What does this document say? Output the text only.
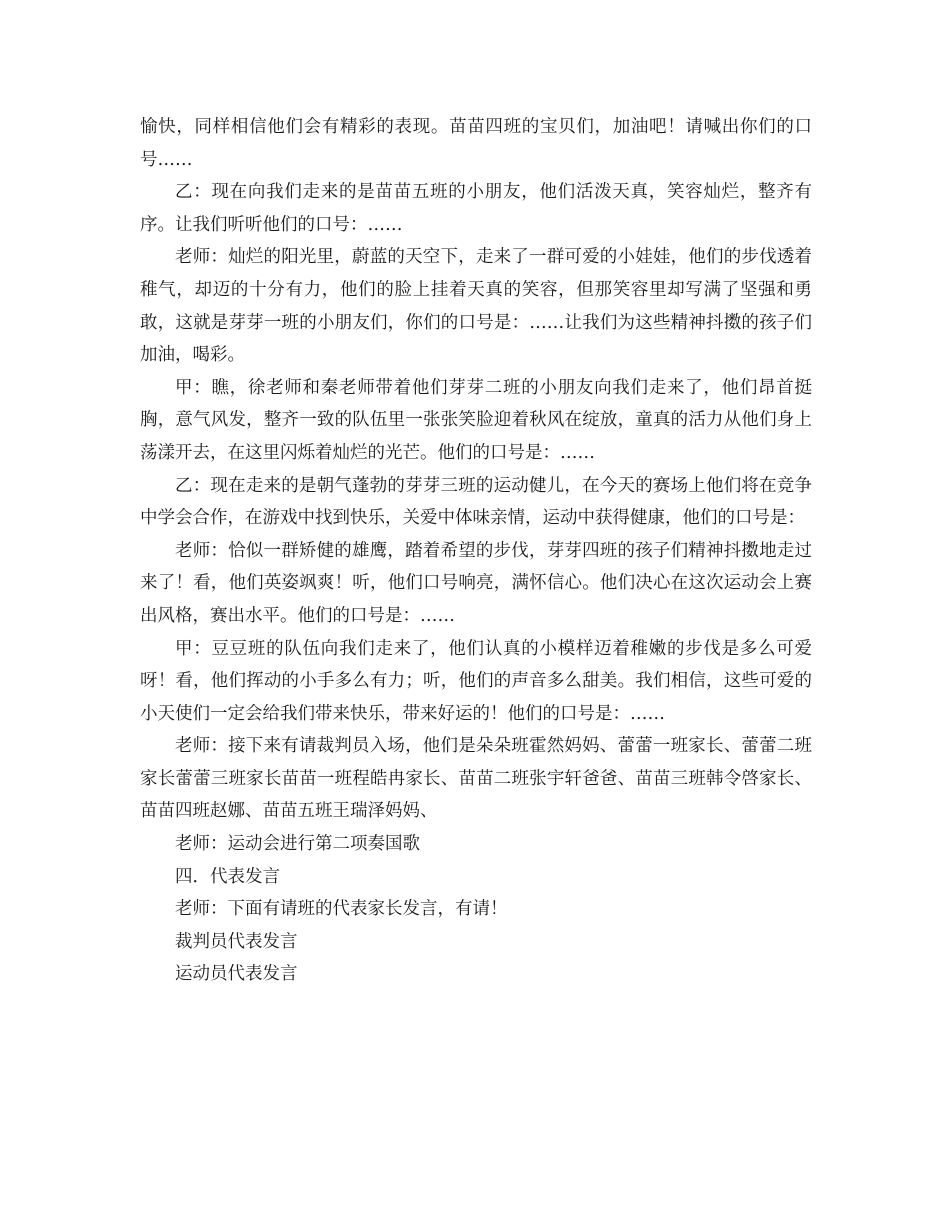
愉快，同样相信他们会有精彩的表现。苗苗四班的宝贝们，加油吧！请喊出你们的口号……

乙：现在向我们走来的是苗苗五班的小朋友，他们活泼天真，笑容灿烂，整齐有序。让我们听听他们的口号：……

老师：灿烂的阳光里，蔚蓝的天空下，走来了一群可爱的小娃娃，他们的步伐透着稚气，却迈的十分有力，他们的脸上挂着天真的笑容，但那笑容里却写满了坚强和勇敢，这就是芽芽一班的小朋友们，你们的口号是：……让我们为这些精神抖擞的孩子们加油，喝彩。

甲：瞧，徐老师和秦老师带着他们芽芽二班的小朋友向我们走来了，他们昂首挺胸，意气风发，整齐一致的队伍里一张张笑脸迎着秋风在绽放，童真的活力从他们身上荡漾开去，在这里闪烁着灿烂的光芒。他们的口号是：……

乙：现在走来的是朝气蓬勃的芽芽三班的运动健儿，在今天的赛场上他们将在竞争中学会合作，在游戏中找到快乐，关爱中体味亲情，运动中获得健康，他们的口号是：

老师：恰似一群矫健的雄鹰，踏着希望的步伐，芽芽四班的孩子们精神抖擞地走过来了！看，他们英姿飒爽！听，他们口号响亮，满怀信心。他们决心在这次运动会上赛出风格，赛出水平。他们的口号是：……

甲：豆豆班的队伍向我们走来了，他们认真的小模样迈着稚嫩的步伐是多么可爱呀！看，他们挥动的小手多么有力；听，他们的声音多么甜美。我们相信，这些可爱的小天使们一定会给我们带来快乐，带来好运的！他们的口号是：……

老师：接下来有请裁判员入场，他们是朵朵班霍然妈妈、蕾蕾一班家长、蕾蕾二班家长蕾蕾三班家长苗苗一班程皓冉家长、苗苗二班张宇轩爸爸、苗苗三班韩令啓家长、苗苗四班赵娜、苗苗五班王瑞泽妈妈、

老师：运动会进行第二项奏国歌

四．代表发言

老师：下面有请班的代表家长发言，有请！

裁判员代表发言

运动员代表发言
